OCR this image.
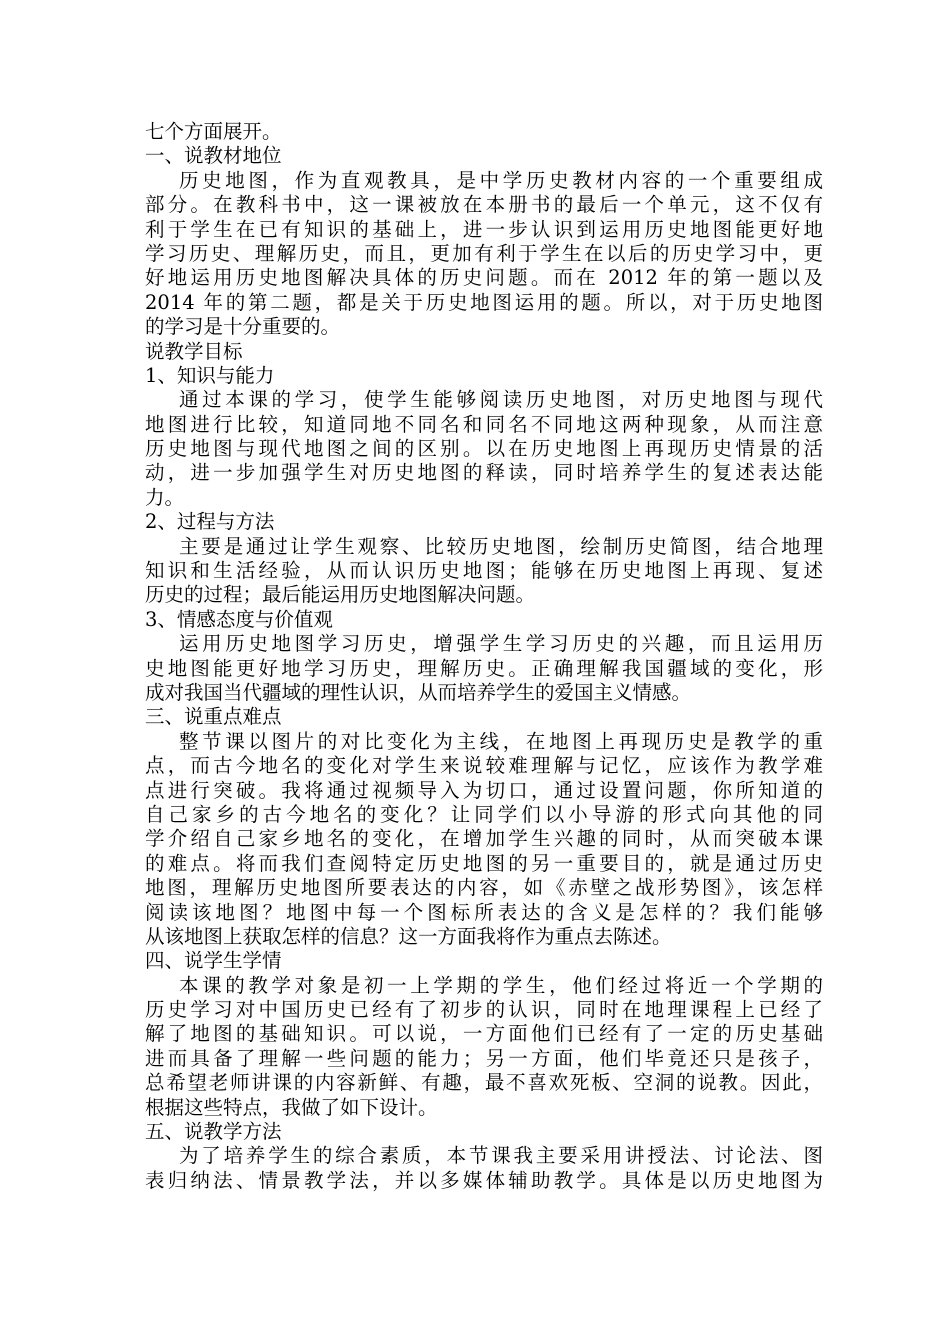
七个方面展开。
一、说教材地位
历史地图，作为直观教具，是中学历史教材内容的一个重要组成
部分。在教科书中，这一课被放在本册书的最后一个单元，这不仅有
利于学生在已有知识的基础上，进一步认识到运用历史地图能更好地
学习历史、理解历史，而且，更加有利于学生在以后的历史学习中，更
好地运用历史地图解决具体的历史问题。而在 2012 年的第一题以及
2014 年的第二题，都是关于历史地图运用的题。所以，对于历史地图
的学习是十分重要的。
说教学目标
1、知识与能力
通过本课的学习，使学生能够阅读历史地图，对历史地图与现代
地图进行比较，知道同地不同名和同名不同地这两种现象，从而注意
历史地图与现代地图之间的区别。以在历史地图上再现历史情景的活
动，进一步加强学生对历史地图的释读，同时培养学生的复述表达能
力。
2、过程与方法
主要是通过让学生观察、比较历史地图，绘制历史简图，结合地理
知识和生活经验，从而认识历史地图；能够在历史地图上再现、复述
历史的过程；最后能运用历史地图解决问题。
3、情感态度与价值观
运用历史地图学习历史，增强学生学习历史的兴趣，而且运用历
史地图能更好地学习历史，理解历史。正确理解我国疆域的变化，形
成对我国当代疆域的理性认识，从而培养学生的爱国主义情感。
三、说重点难点
整节课以图片的对比变化为主线，在地图上再现历史是教学的重
点，而古今地名的变化对学生来说较难理解与记忆，应该作为教学难
点进行突破。我将通过视频导入为切口，通过设置问题，你所知道的
自己家乡的古今地名的变化？让同学们以小导游的形式向其他的同
学介绍自己家乡地名的变化，在增加学生兴趣的同时，从而突破本课
的难点。将而我们查阅特定历史地图的另一重要目的，就是通过历史
地图，理解历史地图所要表达的内容，如《赤壁之战形势图》，该怎样
阅读该地图？地图中每一个图标所表达的含义是怎样的？我们能够
从该地图上获取怎样的信息？这一方面我将作为重点去陈述。
四、说学生学情
本课的教学对象是初一上学期的学生，他们经过将近一个学期的
历史学习对中国历史已经有了初步的认识，同时在地理课程上已经了
解了地图的基础知识。可以说，一方面他们已经有了一定的历史基础
进而具备了理解一些问题的能力；另一方面，他们毕竟还只是孩子，
总希望老师讲课的内容新鲜、有趣，最不喜欢死板、空洞的说教。因此，
根据这些特点，我做了如下设计。
五、说教学方法
为了培养学生的综合素质，本节课我主要采用讲授法、讨论法、图
表归纳法、情景教学法，并以多媒体辅助教学。具体是以历史地图为
